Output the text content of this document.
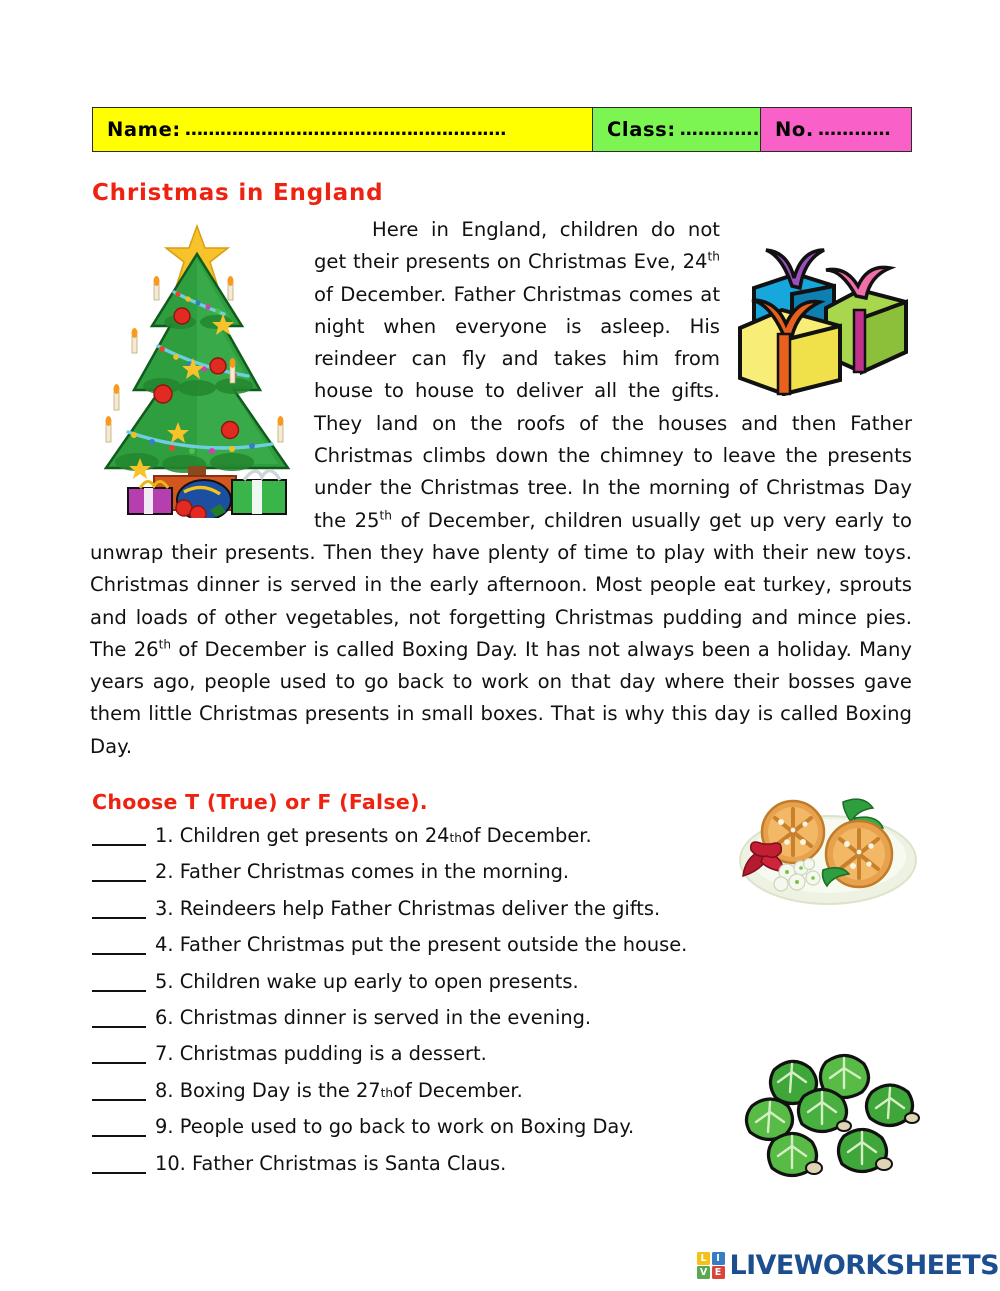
Name: ……………………………………………….	Class: …………. No. …………
Christmas in England

Here in England, children do not get their presents on Christmas Eve, 24th of December. Father Christmas comes at night when everyone is asleep. His reindeer can fly and takes him from house to house to deliver all the gifts. They land on the roofs of the houses and then Father Christmas climbs down the chimney to leave the presents under the Christmas tree. In the morning of Christmas Day the 25th of December, children usually get up very early to unwrap their presents. Then they have plenty of time to play with their new toys. Christmas dinner is served in the early afternoon. Most people eat turkey, sprouts and loads of other vegetables, not forgetting Christmas pudding and mince pies. The 26th of December is called Boxing Day. It has not always been a holiday. Many years ago, people used to go back to work on that day where their bosses gave them little Christmas presents in small boxes. That is why this day is called Boxing Day.

Choose T (True) or F (False).
1.
Children get presents on 24 th of December.
2.
Father Christmas comes in the morning.
3.
Reindeers help Father Christmas deliver the gifts.
4.
Father Christmas put the present outside the house.
5.
Children wake up early to open presents.
6.
Christmas dinner is served in the evening.
7.
Christmas pudding is a dessert.
8.
Boxing Day is the 27 th of December.
9.
People used to go back to work on Boxing Day.
10.
Father Christmas is Santa Claus.
L	I
V E LIVEWORKSHEETS
